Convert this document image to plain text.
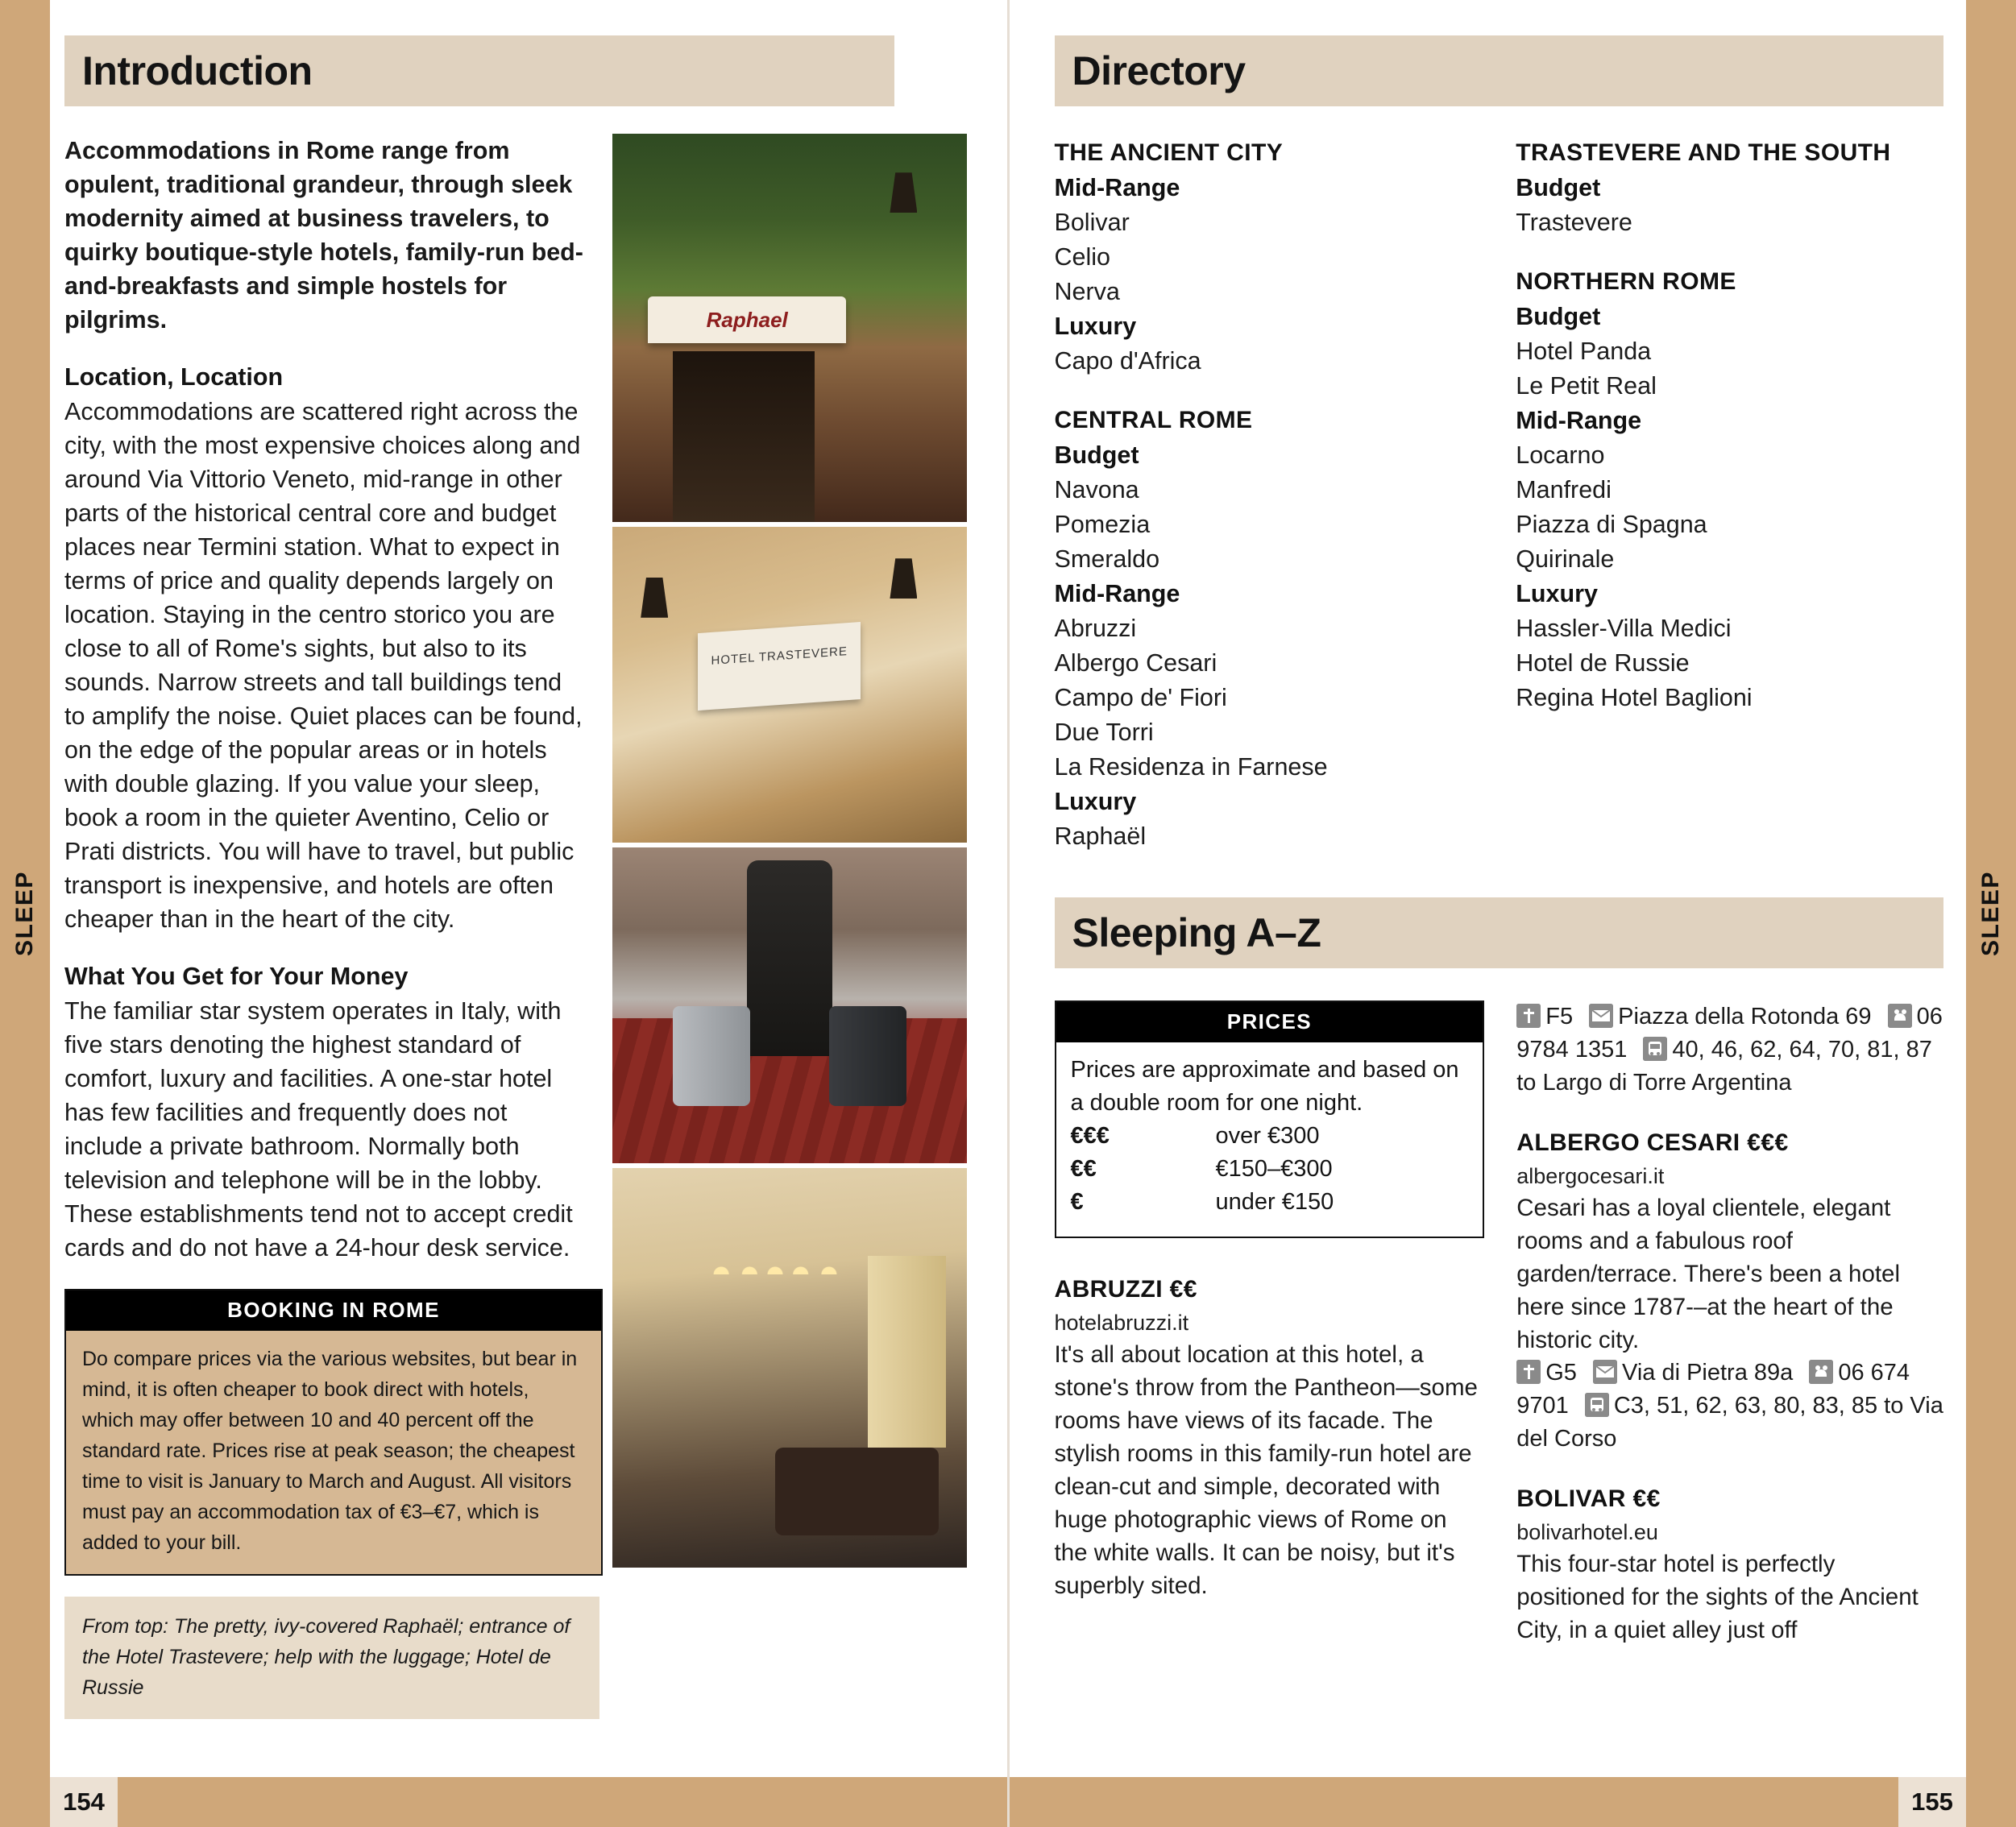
SLEEP
Introduction

Accommodations in Rome range from opulent, traditional grandeur, through sleek modernity aimed at business travelers, to quirky boutique-style hotels, family-run bed-and-breakfasts and simple hostels for pilgrims.

Location, Location

Accommodations are scattered right across the city, with the most expensive choices along and around Via Vittorio Veneto, mid-range in other parts of the historical central core and budget places near Termini station. What to expect in terms of price and quality depends largely on location. Staying in the centro storico you are close to all of Rome's sights, but also to its sounds. Narrow streets and tall buildings tend to amplify the noise. Quiet places can be found, on the edge of the popular areas or in hotels with double glazing. If you value your sleep, book a room in the quieter Aventino, Celio or Prati districts. You will have to travel, but public transport is inexpensive, and hotels are often cheaper than in the heart of the city.

What You Get for Your Money

The familiar star system operates in Italy, with five stars denoting the highest standard of comfort, luxury and facilities. A one-star hotel has few facilities and frequently does not include a private bathroom. Normally both television and telephone will be in the lobby. These establishments tend not to accept credit cards and do not have a 24-hour desk service.

BOOKING IN ROME

Do compare prices via the various websites, but bear in mind, it is often cheaper to book direct with hotels, which may offer between 10 and 40 percent off the standard rate. Prices rise at peak season; the cheapest time to visit is January to March and August. All visitors must pay an accommodation tax of €3–€7, which is added to your bill.

From top: The pretty, ivy-covered Raphaël; entrance of the Hotel Trastevere; help with the luggage; Hotel de Russie

Raphael
HOTEL TRASTEVERE
154
Directory
THE ANCIENT CITY
Mid-Range
Bolivar
Celio
Nerva
Luxury
Capo d'Africa
CENTRAL ROME
Budget
Navona
Pomezia
Smeraldo
Mid-Range
Abruzzi
Albergo Cesari
Campo de' Fiori
Due Torri
La Residenza in Farnese
Luxury
Raphaël
TRASTEVERE AND THE SOUTH
Budget
Trastevere
NORTHERN ROME
Budget
Hotel Panda
Le Petit Real
Mid-Range
Locarno
Manfredi
Piazza di Spagna
Quirinale
Luxury
Hassler-Villa Medici
Hotel de Russie
Regina Hotel Baglioni
Sleeping A–Z
PRICES

Prices are approximate and based on a double room for one night.

€€€	over €300
€€	€150–€300
€	under €150

ABRUZZI €€

hotelabruzzi.it

It's all about location at this hotel, a stone's throw from the Pantheon—some rooms have views of its facade. The stylish rooms in this family-run hotel are clean-cut and simple, decorated with huge photographic views of Rome on the white walls. It can be noisy, but it's superbly sited.

F5 Piazza della Rotonda 69 06 9784 1351 40, 46, 62, 64, 70, 81, 87 to Largo di Torre Argentina

ALBERGO CESARI €€€

albergocesari.it

Cesari has a loyal clientele, elegant rooms and a fabulous roof garden/terrace. There's been a hotel here since 1787-–at the heart of the historic city.

G5 Via di Pietra 89a 06 674 9701 C3, 51, 62, 63, 80, 83, 85 to Via del Corso

BOLIVAR €€

bolivarhotel.eu

This four-star hotel is perfectly positioned for the sights of the Ancient City, in a quiet alley just off

155
SLEEP
